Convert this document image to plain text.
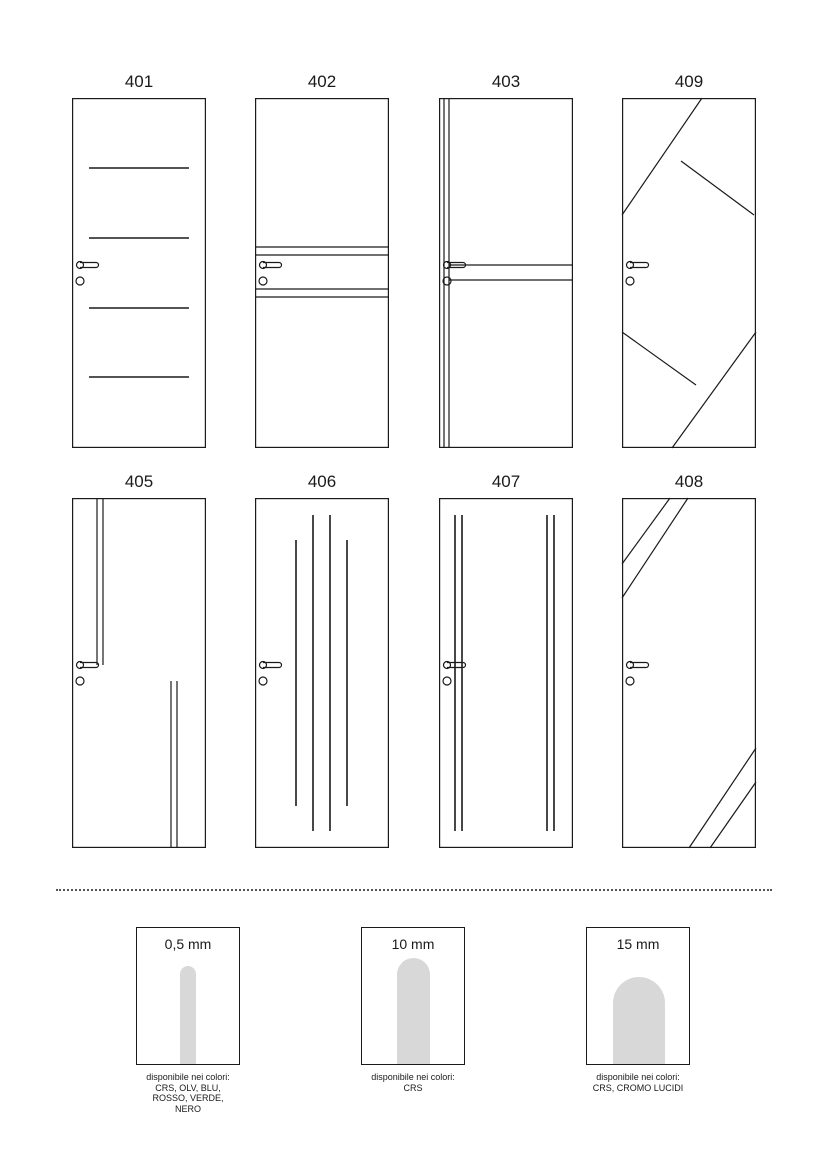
401	402	403	409
405	406	407	408
0,5 mm
disponibile nei colori:
CRS, OLV, BLU,
ROSSO, VERDE,
NERO
10 mm
disponibile nei colori:
CRS
15 mm
disponibile nei colori:
CRS, CROMO LUCIDI
